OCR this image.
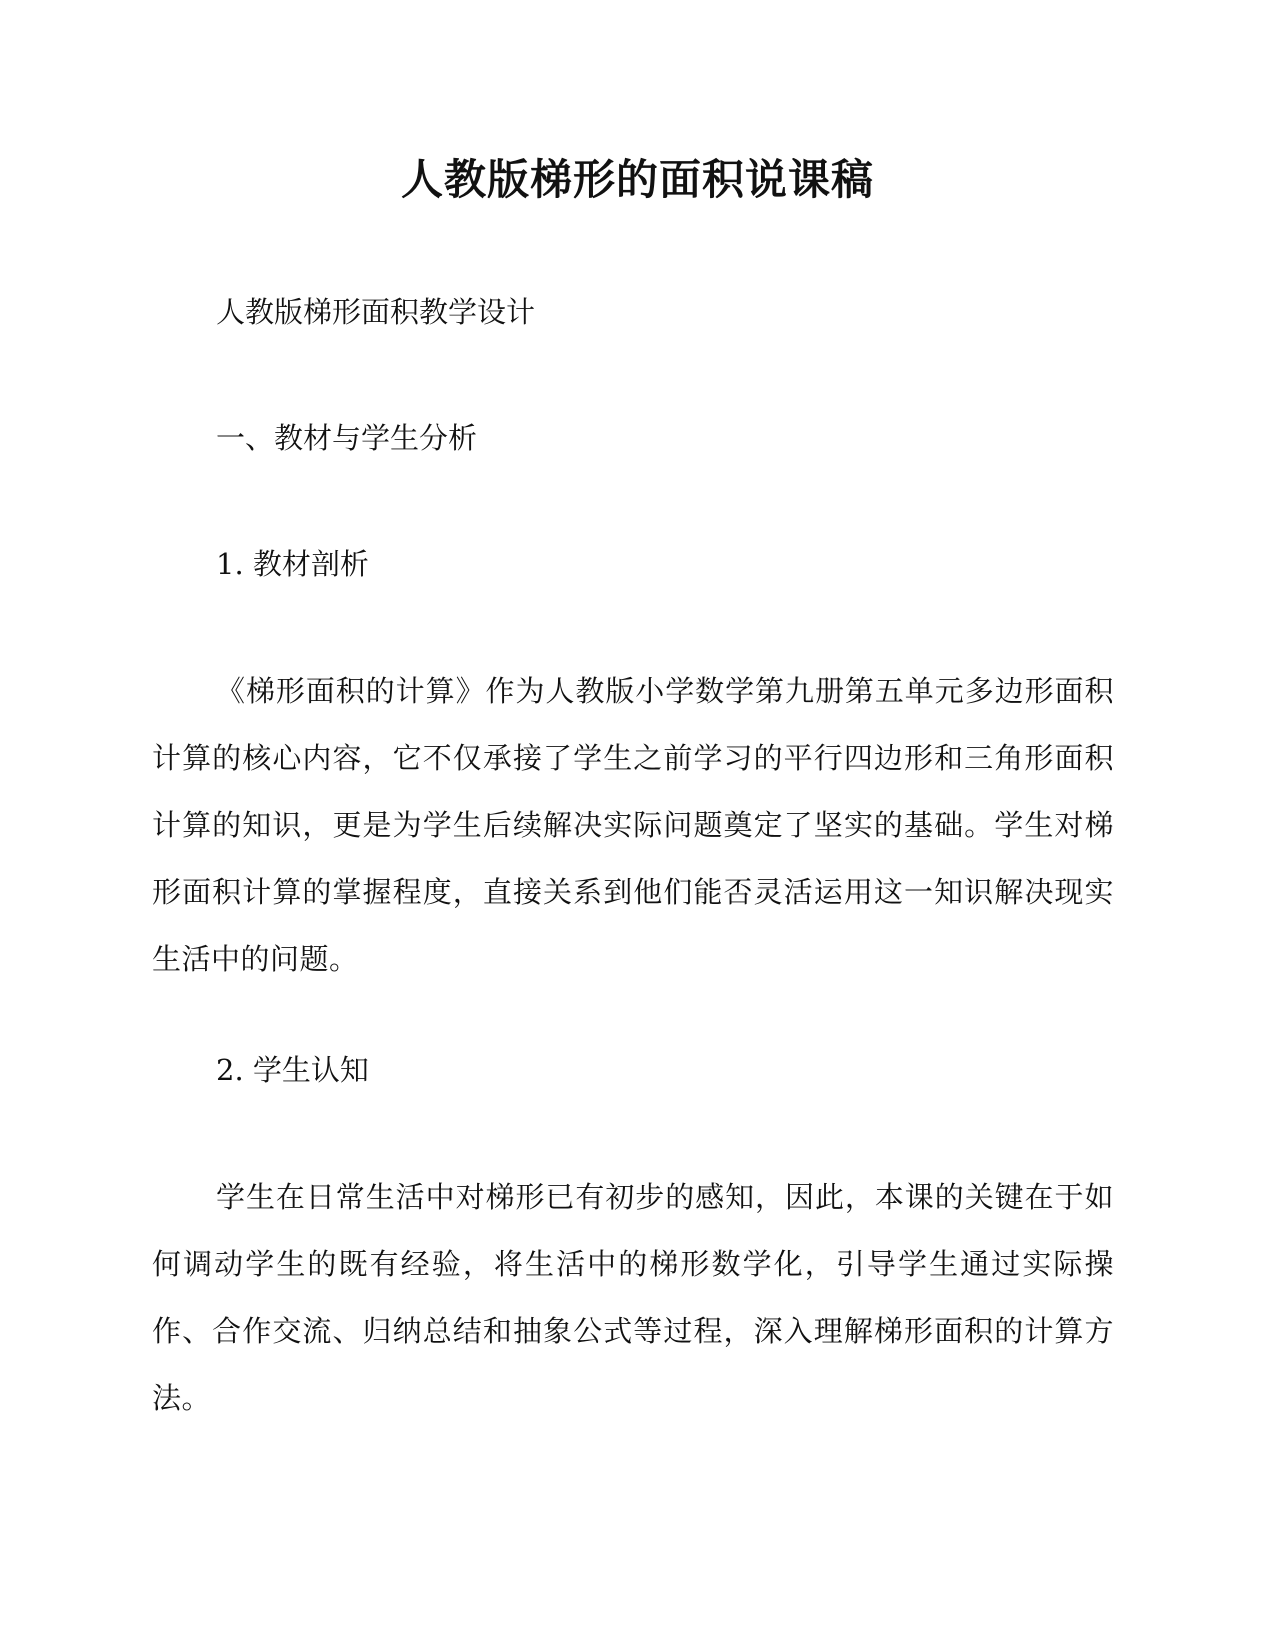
人教版梯形的面积说课稿

人教版梯形面积教学设计

一、教材与学生分析

1. 教材剖析

《梯形面积的计算》作为人教版小学数学第九册第五单元多边形面积计算的核心内容，它不仅承接了学生之前学习的平行四边形和三角形面积计算的知识，更是为学生后续解决实际问题奠定了坚实的基础。学生对梯形面积计算的掌握程度，直接关系到他们能否灵活运用这一知识解决现实生活中的问题。

2. 学生认知

学生在日常生活中对梯形已有初步的感知，因此，本课的关键在于如何调动学生的既有经验，将生活中的梯形数学化，引导学生通过实际操作、合作交流、归纳总结和抽象公式等过程，深入理解梯形面积的计算方法。
